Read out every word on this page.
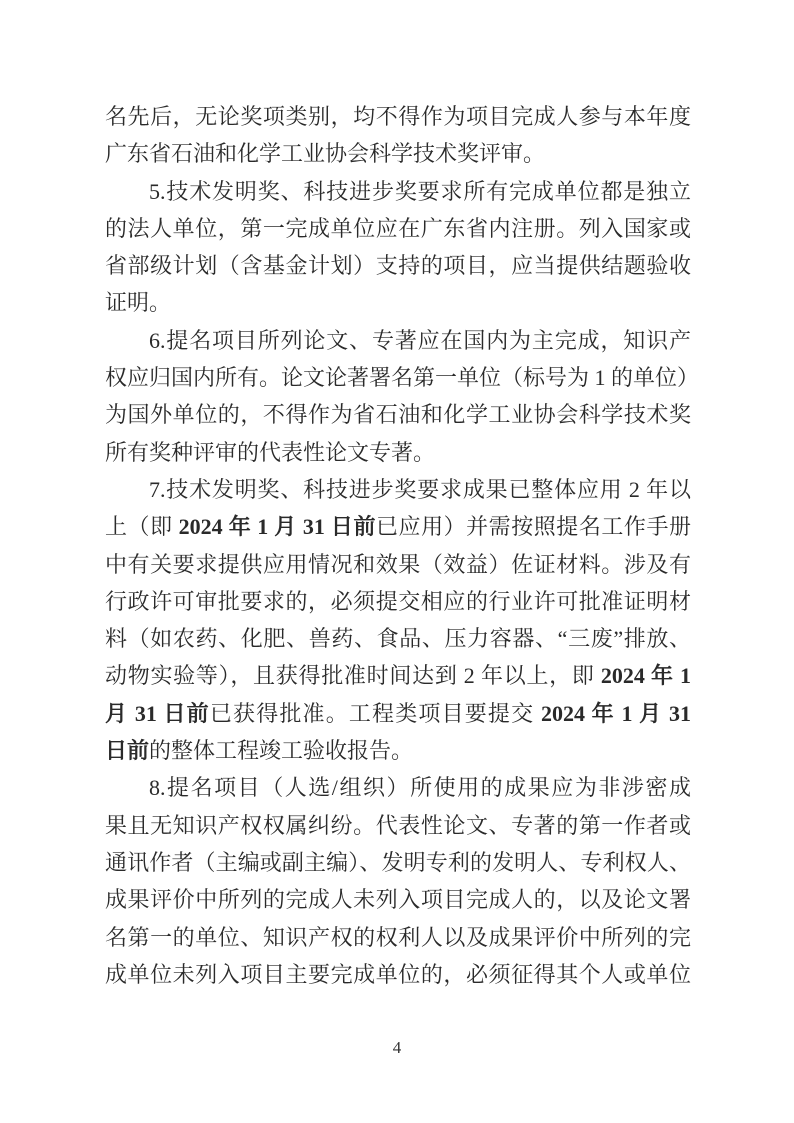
名先后，无论奖项类别，均不得作为项目完成人参与本年度
广东省石油和化学工业协会科学技术奖评审。
5.技术发明奖、科技进步奖要求所有完成单位都是独立
的法人单位，第一完成单位应在广东省内注册。列入国家或
省部级计划（含基金计划）支持的项目，应当提供结题验收
证明。
6.提名项目所列论文、专著应在国内为主完成，知识产
权应归国内所有。论文论著署名第一单位（标号为 1 的单位）
为国外单位的，不得作为省石油和化学工业协会科学技术奖
所有奖种评审的代表性论文专著。
7.技术发明奖、科技进步奖要求成果已整体应用 2 年以
上（即 2024 年 1 月 31 日前已应用）并需按照提名工作手册
中有关要求提供应用情况和效果（效益）佐证材料。涉及有
行政许可审批要求的，必须提交相应的行业许可批准证明材
料（如农药、化肥、兽药、食品、压力容器、“三废”排放、
动物实验等），且获得批准时间达到 2 年以上，即 2024 年 1
月 31 日前已获得批准。工程类项目要提交 2024 年 1 月 31
日前的整体工程竣工验收报告。
8.提名项目（人选/组织）所使用的成果应为非涉密成
果且无知识产权权属纠纷。代表性论文、专著的第一作者或
通讯作者（主编或副主编）、发明专利的发明人、专利权人、
成果评价中所列的完成人未列入项目完成人的，以及论文署
名第一的单位、知识产权的权利人以及成果评价中所列的完
成单位未列入项目主要完成单位的，必须征得其个人或单位
4
